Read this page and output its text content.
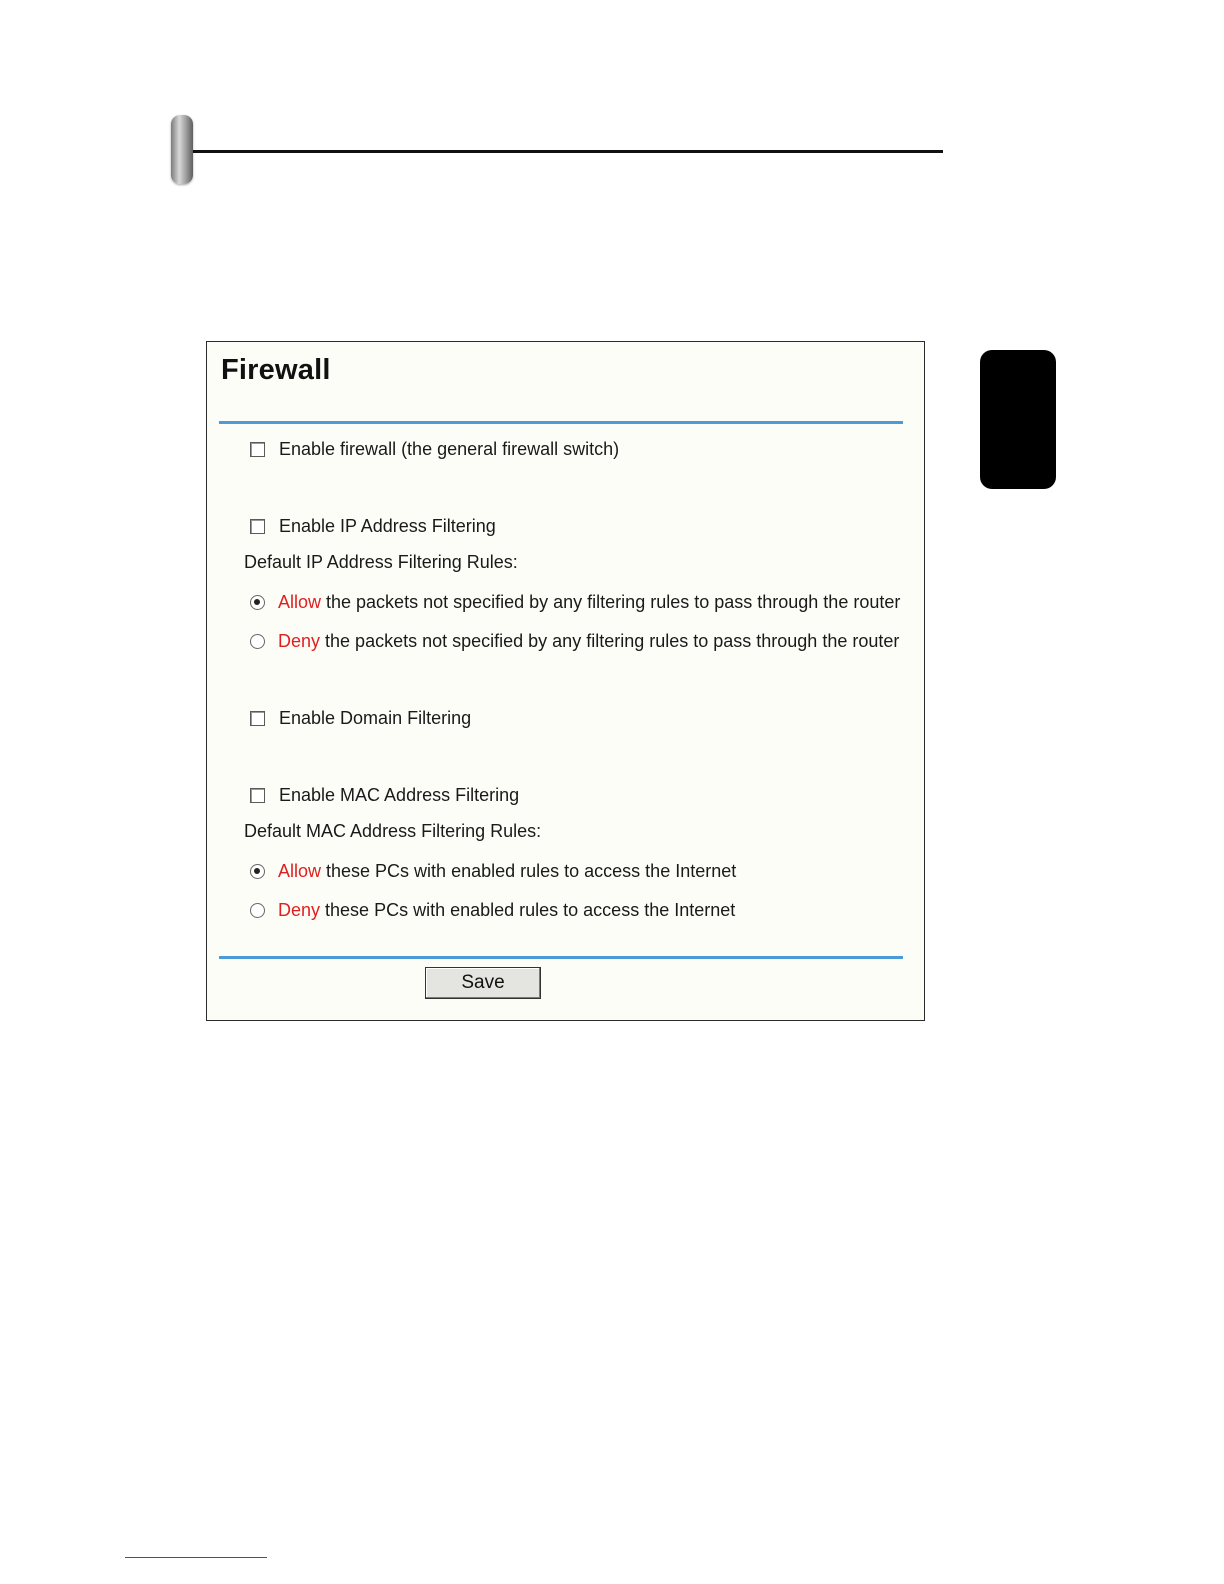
Firewall
Enable firewall (the general firewall switch)
Enable IP Address Filtering
Default IP Address Filtering Rules:
Allow the packets not specified by any filtering rules to pass through the router
Deny the packets not specified by any filtering rules to pass through the router
Enable Domain Filtering
Enable MAC Address Filtering
Default MAC Address Filtering Rules:
Allow these PCs with enabled rules to access the Internet
Deny these PCs with enabled rules to access the Internet
Save
